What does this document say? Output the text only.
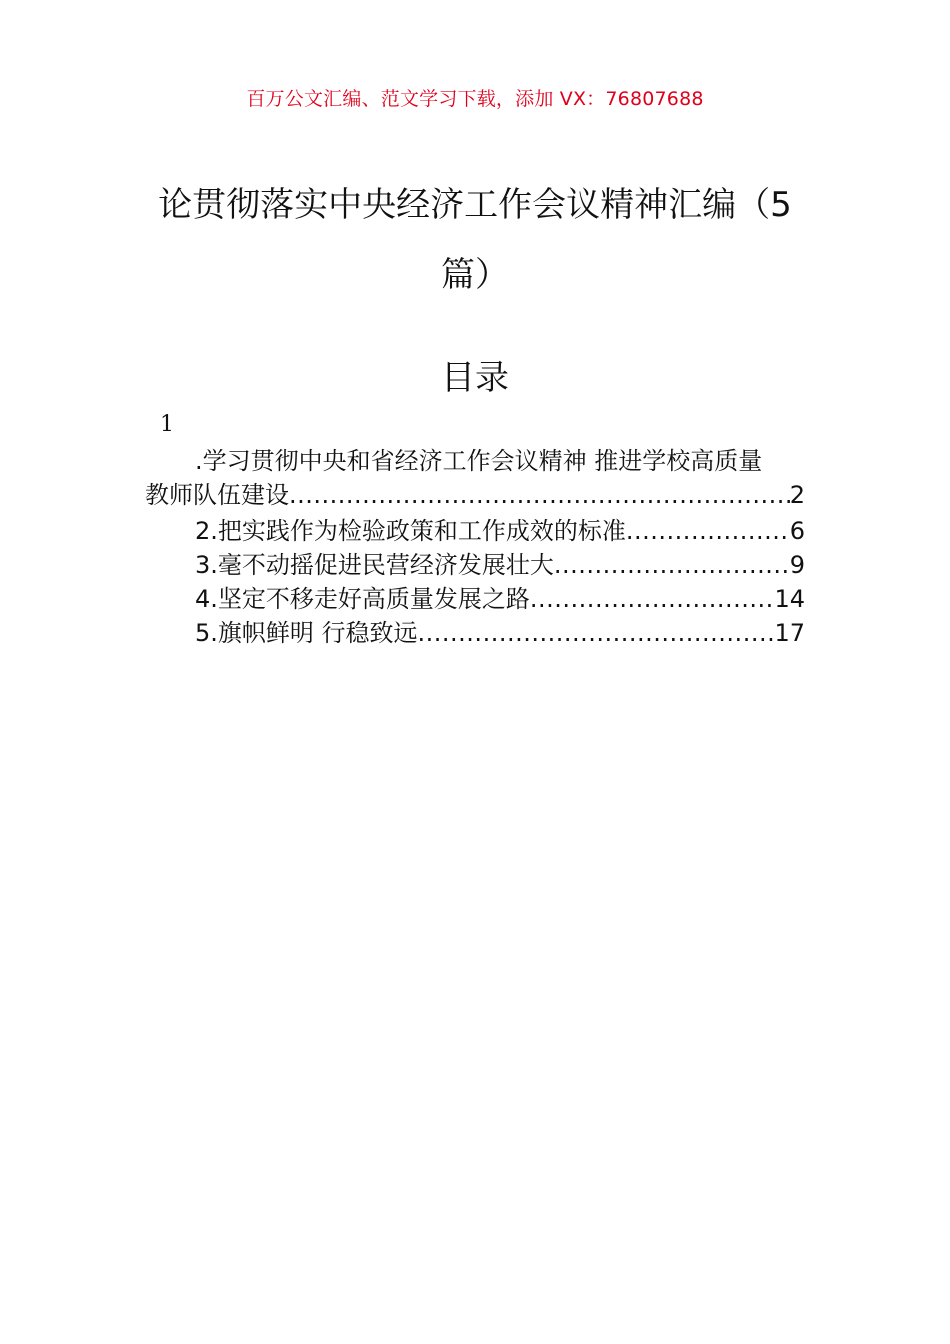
百万公文汇编、范文学习下载，添加 VX：76807688
论贯彻落实中央经济工作会议精神汇编（5篇）
目录
1
.学习贯彻中央和省经济工作会议精神 推进学校高质量
教师队伍建设 .....	2
2.把实践作为检验政策和工作成效的标准 .....	6
3.毫不动摇促进民营经济发展壮大 .....	9
4.坚定不移走好高质量发展之路 .....	14
5.旗帜鲜明 行稳致远 .....	17
